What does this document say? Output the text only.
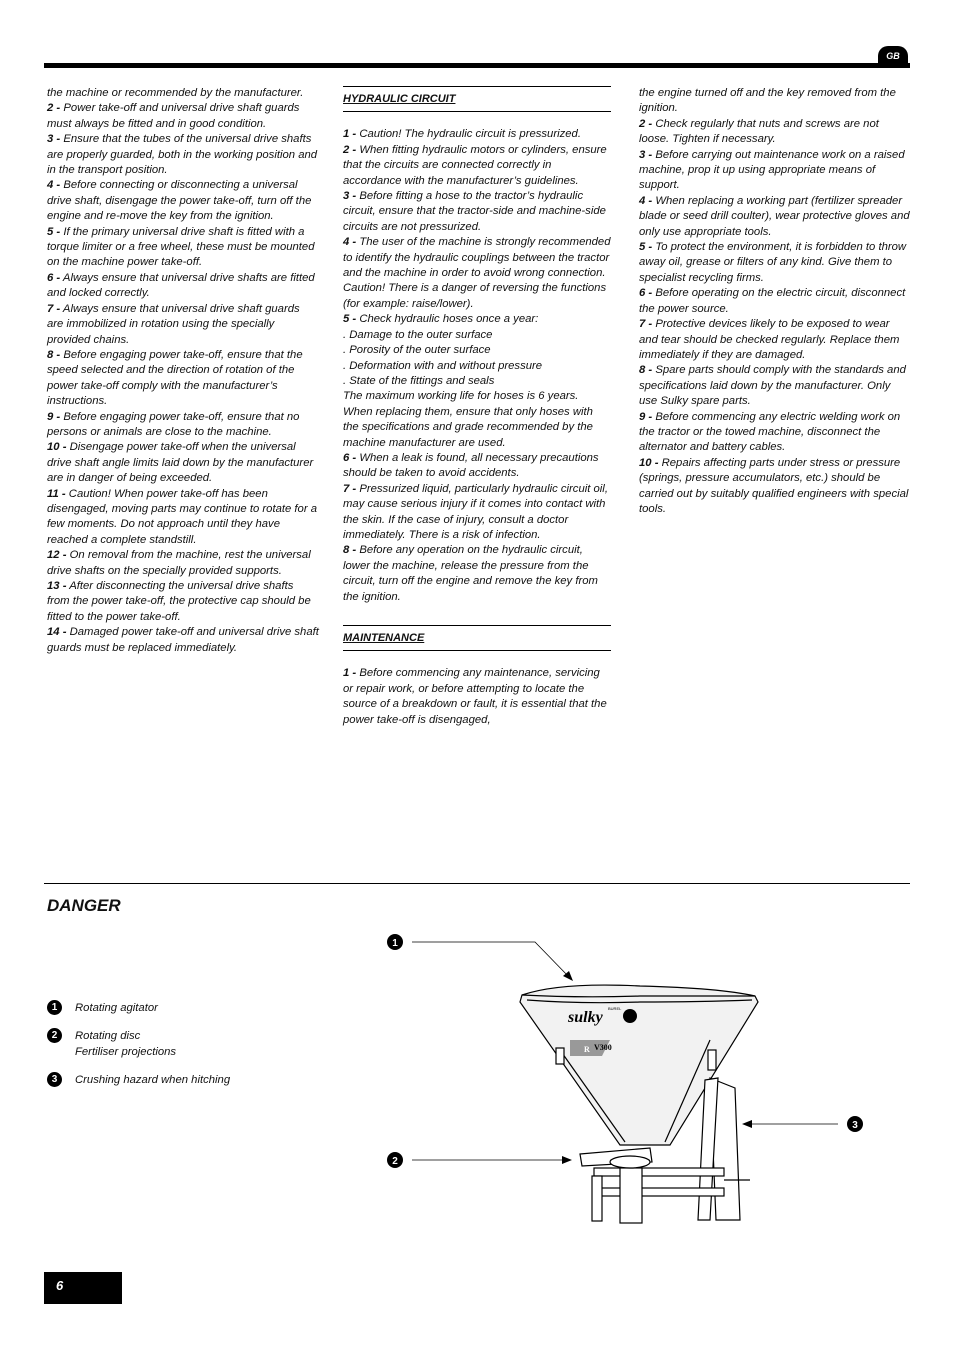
GB

the machine or recommended by the manufacturer.

2 - Power take-off and universal drive shaft guards must always be fitted and in good condition.

3 - Ensure that the tubes of the universal drive shafts are properly guarded, both in the working position and in the transport position.

4 - Before connecting or disconnecting a universal drive shaft, disengage the power take-off, turn off the engine and re-move the key from the ignition.

5 - If the primary universal drive shaft is fitted with a torque limiter or a free wheel, these must be mounted on the machine power take-off.

6 - Always ensure that universal drive shafts are fitted and locked correctly.

7 - Always ensure that universal drive shaft guards are immobilized in rotation using the specially provided chains.

8 - Before engaging power take-off, ensure that the speed selected and the direction of rotation of the power take-off comply with the manufacturer’s instructions.

9 - Before engaging power take-off, ensure that no persons or animals are close to the machine.

10 - Disengage power take-off when the universal drive shaft angle limits laid down by the manufacturer are in danger of being exceeded.

11 - Caution! When power take-off has been disengaged, moving parts may continue to rotate for a few moments. Do not approach until they have reached a complete standstill.

12 - On removal from the machine, rest the universal drive shafts on the specially provided supports.

13 - After disconnecting the universal drive shafts from the power take-off, the protective cap should be fitted to the power take-off.

14 - Damaged power take-off and universal drive shaft guards must be replaced immediately.

HYDRAULIC CIRCUIT

1 - Caution! The hydraulic circuit is pressurized.

2 - When fitting hydraulic motors or cylinders, ensure that the circuits are connected correctly in accordance with the manufacturer’s guidelines.

3 - Before fitting a hose to the tractor’s hydraulic circuit, ensure that the tractor-side and machine-side circuits are not pressurized.

4 - The user of the machine is strongly recommended to identify the hydraulic couplings between the tractor and the machine in order to avoid wrong connection. Caution! There is a danger of reversing the functions (for example: raise/lower).

5 - Check hydraulic hoses once a year:

. Damage to the outer surface

. Porosity of the outer surface

. Deformation with and without pressure

. State of the fittings and seals

The maximum working life for hoses is 6 years. When replacing them, ensure that only hoses with the specifications and grade recommended by the machine manufacturer are used.

6 - When a leak is found, all necessary precautions should be taken to avoid accidents.

7 - Pressurized liquid, particularly hydraulic circuit oil, may cause serious injury if it comes into contact with the skin. If the case of injury, consult a doctor immediately. There is a risk of infection.

8 - Before any operation on the hydraulic circuit, lower the machine, release the pressure from the circuit, turn off the engine and remove the key from the ignition.

MAINTENANCE

1 - Before commencing any maintenance, servicing or repair work, or before attempting to locate the source of a breakdown or fault, it is essential that the power take-off is disengaged,

the engine turned off and the key removed from the ignition.

2 - Check regularly that nuts and screws are not loose. Tighten if necessary.

3 - Before carrying out maintenance work on a raised machine, prop it up using appropriate means of support.

4 - When replacing a working part (fertilizer spreader blade or seed drill coulter), wear protective gloves and only use appropriate tools.

5 - To protect the environment, it is forbidden to throw away oil, grease or filters of any kind. Give them to specialist recycling firms.

6 - Before operating on the electric circuit, disconnect the power source.

7 - Protective devices likely to be exposed to wear and tear should be checked regularly. Replace them immediately if they are damaged.

8 - Spare parts should comply with the standards and specifications laid down by the manufacturer. Only use Sulky spare parts.

9 - Before commencing any electric welding work on the tractor or the towed machine, disconnect the alternator and battery cables.

10 - Repairs affecting parts under stress or pressure (springs, pressure accumulators, etc.) should be carried out by suitably qualified engineers with special tools.

DANGER
1	Rotating agitator
2	Rotating disc
Fertiliser projections
3	Crushing hazard when hitching
1
2
3
sulky
BUREL
R V300
6
